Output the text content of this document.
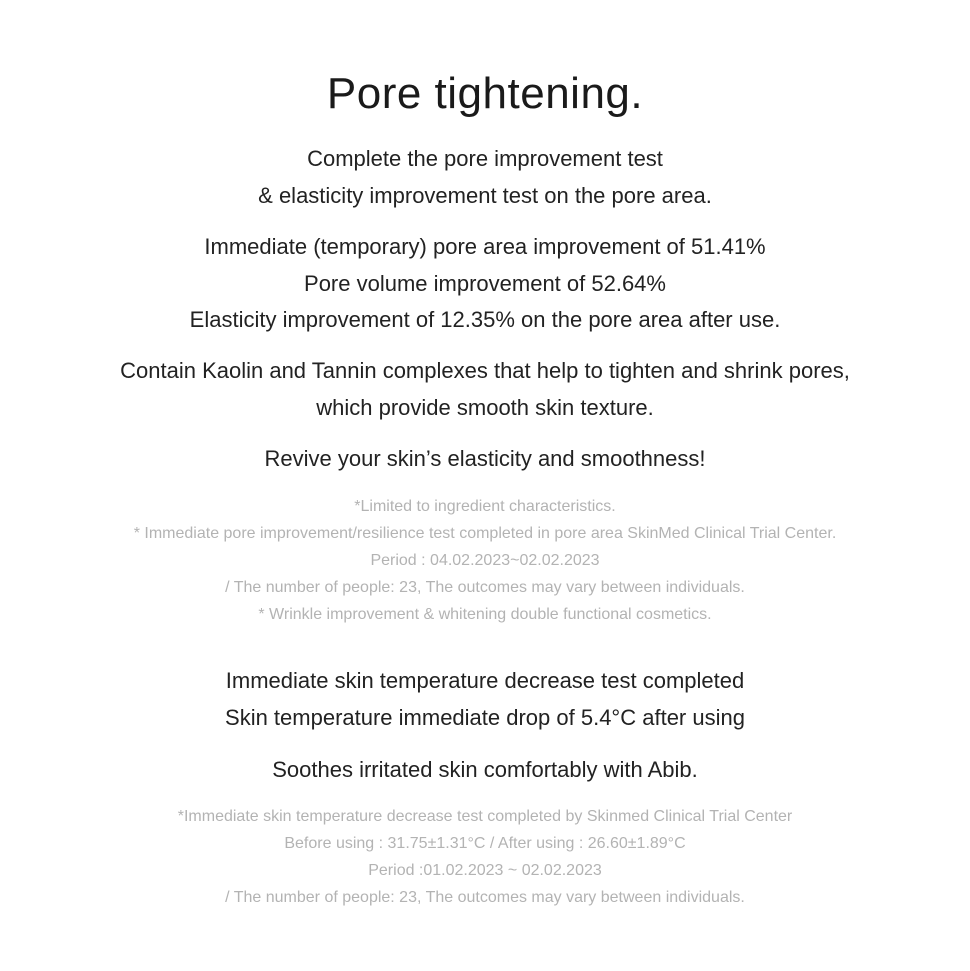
Pore tightening.
Complete the pore improvement test
& elasticity improvement test on the pore area.
Immediate (temporary) pore area improvement of 51.41%
Pore volume improvement of 52.64%
Elasticity improvement of 12.35% on the pore area after use.
Contain Kaolin and Tannin complexes that help to tighten and shrink pores,
which provide smooth skin texture.
Revive your skin’s elasticity and smoothness!
*Limited to ingredient characteristics.
* Immediate pore improvement/resilience test completed in pore area SkinMed Clinical Trial Center.
Period : 04.02.2023~02.02.2023
/ The number of people: 23, The outcomes may vary between individuals.
* Wrinkle improvement & whitening double functional cosmetics.
Immediate skin temperature decrease test completed
Skin temperature immediate drop of 5.4°C after using
Soothes irritated skin comfortably with Abib.
*Immediate skin temperature decrease test completed by Skinmed Clinical Trial Center
Before using : 31.75±1.31°C / After using : 26.60±1.89°C
Period :01.02.2023 ~ 02.02.2023
/ The number of people: 23, The outcomes may vary between individuals.
